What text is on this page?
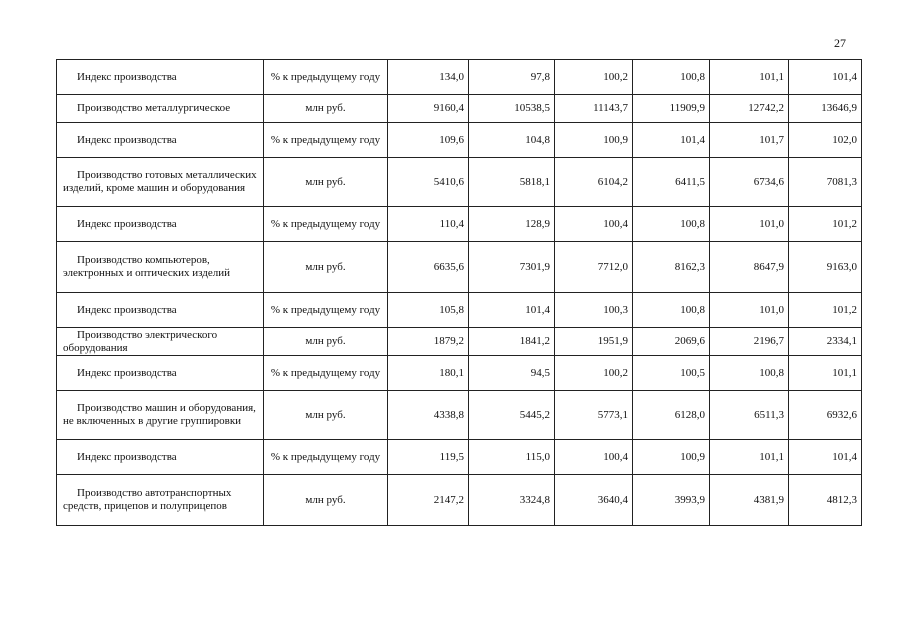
27
Индекс производства	% к предыдущему году	134,0	97,8	100,2	100,8	101,1	101,4
Производство металлургическое	млн руб.	9160,4	10538,5	11143,7	11909,9	12742,2	13646,9
Индекс производства	% к предыдущему году	109,6	104,8	100,9	101,4	101,7	102,0
Производство готовых металлических изделий, кроме машин и оборудования	млн руб.	5410,6	5818,1	6104,2	6411,5	6734,6	7081,3
Индекс производства	% к предыдущему году	110,4	128,9	100,4	100,8	101,0	101,2
Производство компьютеров, электронных и оптических изделий	млн руб.	6635,6	7301,9	7712,0	8162,3	8647,9	9163,0
Индекс производства	% к предыдущему году	105,8	101,4	100,3	100,8	101,0	101,2
Производство электрического оборудования	млн руб.	1879,2	1841,2	1951,9	2069,6	2196,7	2334,1
Индекс производства	% к предыдущему году	180,1	94,5	100,2	100,5	100,8	101,1
Производство машин и оборудования, не включенных в другие группировки	млн руб.	4338,8	5445,2	5773,1	6128,0	6511,3	6932,6
Индекс производства	% к предыдущему году	119,5	115,0	100,4	100,9	101,1	101,4
Производство автотранспортных средств, прицепов и полуприцепов	млн руб.	2147,2	3324,8	3640,4	3993,9	4381,9	4812,3
